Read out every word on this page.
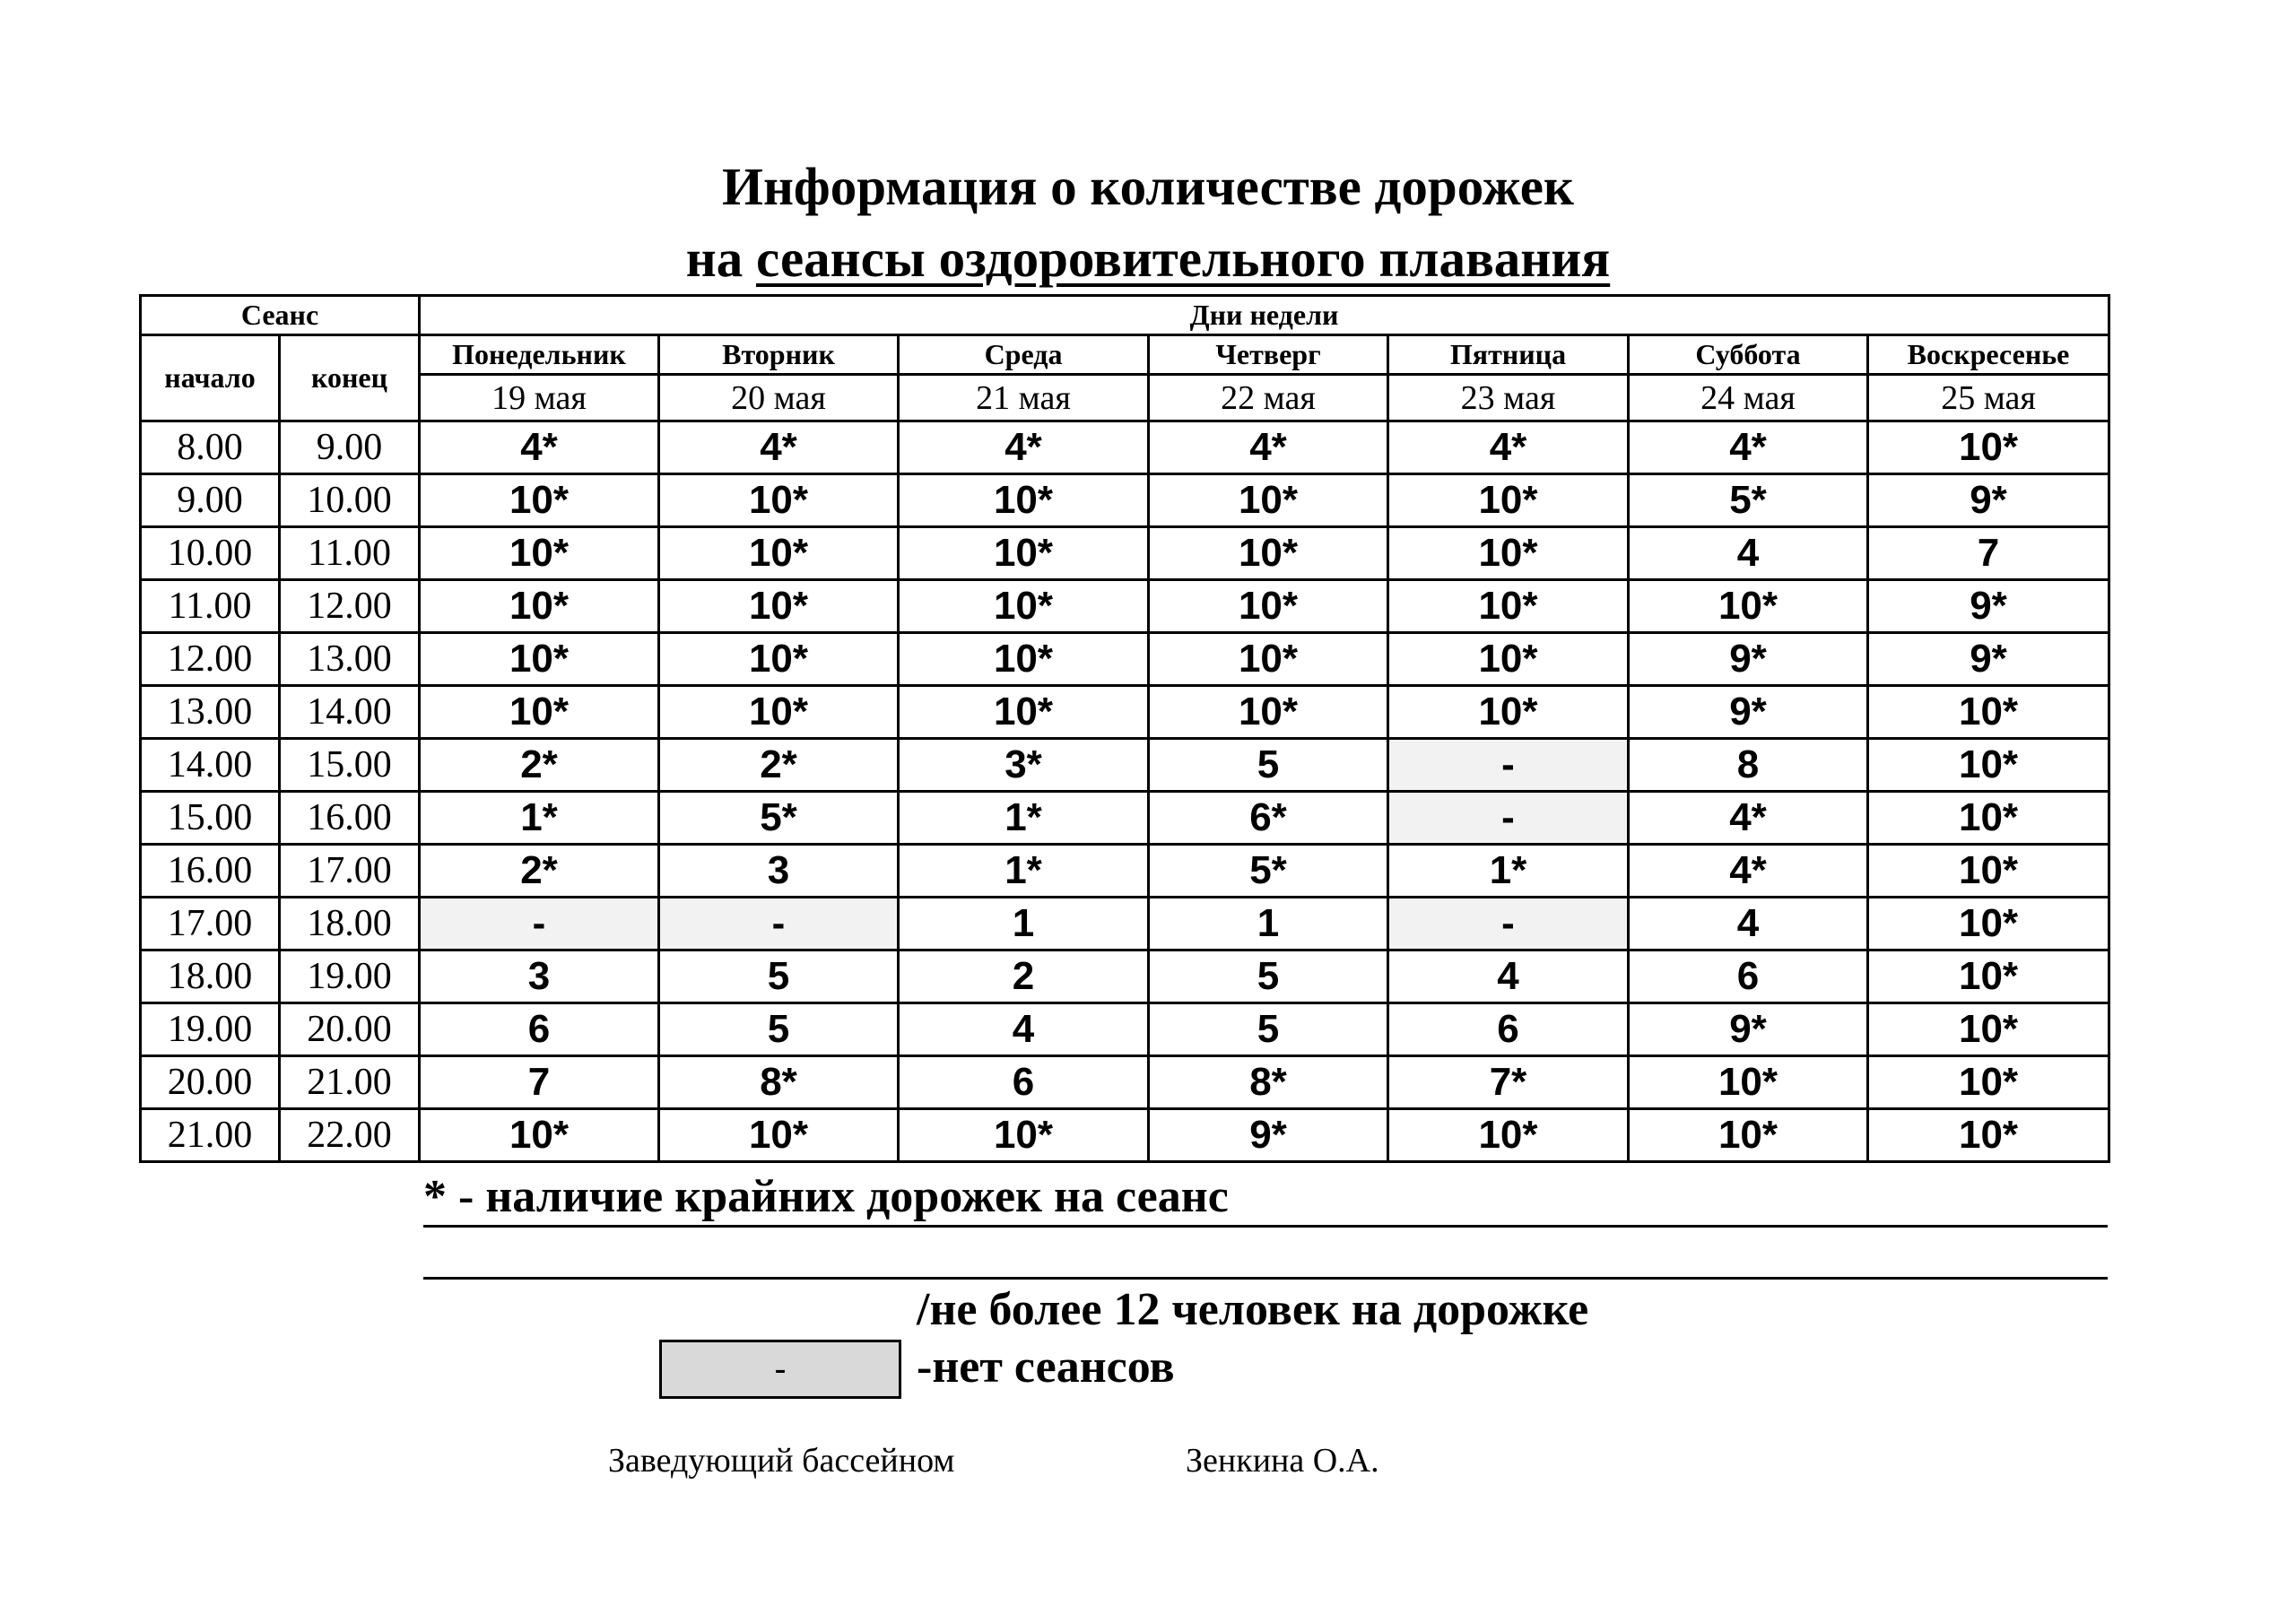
Информация о количестве дорожек
на сеансы оздоровительного плавания
Сеанс		Дни недели						
начало	конец	Понедельник	Вторник	Среда	Четверг	Пятница	Суббота	Воскресенье
		19 мая	20 мая	21 мая	22 мая	23 мая	24 мая	25 мая
8.00	9.00	4*	4*	4*	4*	4*	4*	10*
9.00	10.00	10*	10*	10*	10*	10*	5*	9*
10.00	11.00	10*	10*	10*	10*	10*	4	7
11.00	12.00	10*	10*	10*	10*	10*	10*	9*
12.00	13.00	10*	10*	10*	10*	10*	9*	9*
13.00	14.00	10*	10*	10*	10*	10*	9*	10*
14.00	15.00	2*	2*	3*	5	-	8	10*
15.00	16.00	1*	5*	1*	6*	-	4*	10*
16.00	17.00	2*	3	1*	5*	1*	4*	10*
17.00	18.00	-	-	1	1	-	4	10*
18.00	19.00	3	5	2	5	4	6	10*
19.00	20.00	6	5	4	5	6	9*	10*
20.00	21.00	7	8*	6	8*	7*	10*	10*
21.00	22.00	10*	10*	10*	9*	10*	10*	10*
* - наличие крайних дорожек на сеанс
/не более 12 человек на дорожке
-	-нет сеансов
Заведующий бассейном	Зенкина О.А.
